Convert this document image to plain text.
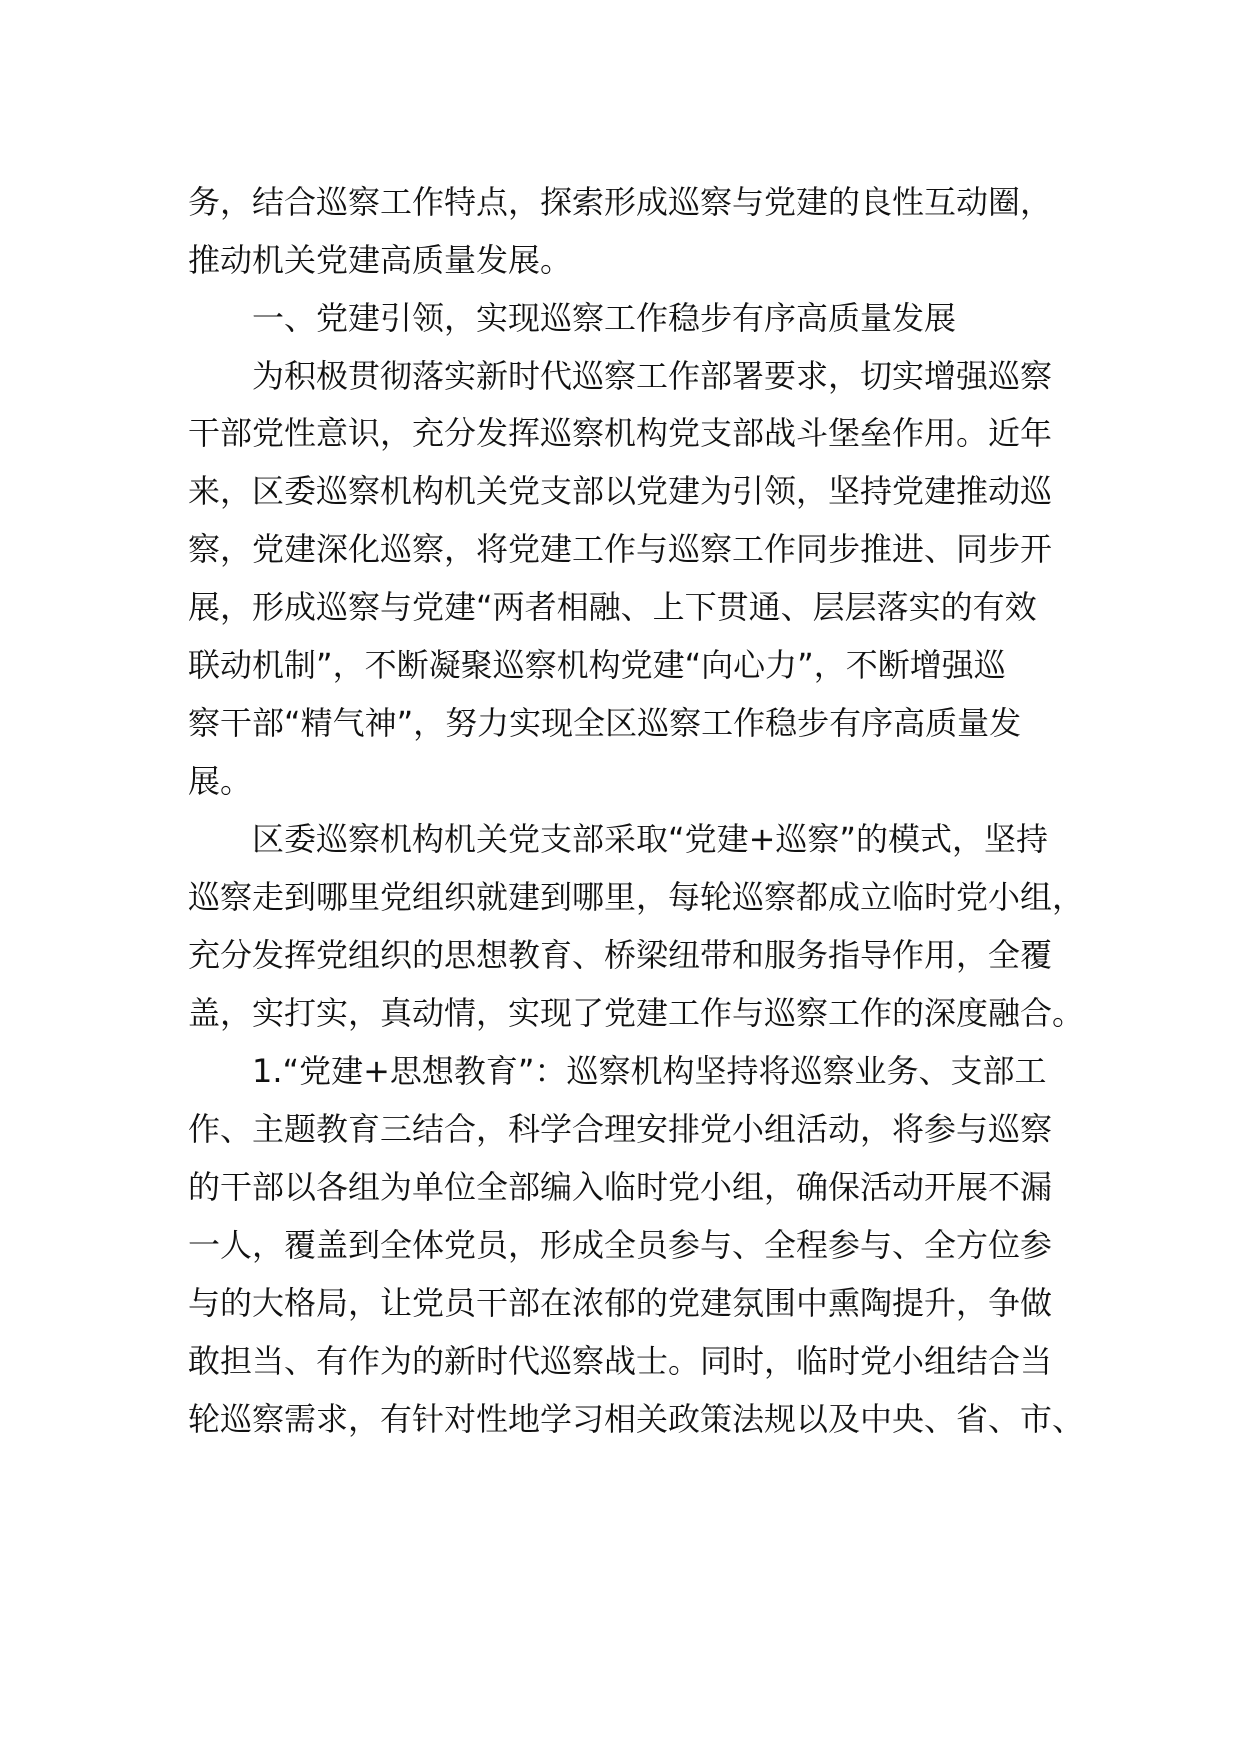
务，结合巡察工作特点，探索形成巡察与党建的良性互动圈，

推动机关党建高质量发展。

一、党建引领，实现巡察工作稳步有序高质量发展

为积极贯彻落实新时代巡察工作部署要求，切实增强巡察

干部党性意识，充分发挥巡察机构党支部战斗堡垒作用。近年

来，区委巡察机构机关党支部以党建为引领，坚持党建推动巡

察，党建深化巡察，将党建工作与巡察工作同步推进、同步开

展，形成巡察与党建“两者相融、上下贯通、层层落实的有效

联动机制”，不断凝聚巡察机构党建“向心力”，不断增强巡

察干部“精气神”，努力实现全区巡察工作稳步有序高质量发

展。

区委巡察机构机关党支部采取“党建+巡察”的模式，坚持

巡察走到哪里党组织就建到哪里，每轮巡察都成立临时党小组，

充分发挥党组织的思想教育、桥梁纽带和服务指导作用，全覆

盖，实打实，真动情，实现了党建工作与巡察工作的深度融合。

1.“党建+思想教育”：巡察机构坚持将巡察业务、支部工

作、主题教育三结合，科学合理安排党小组活动，将参与巡察

的干部以各组为单位全部编入临时党小组，确保活动开展不漏

一人，覆盖到全体党员，形成全员参与、全程参与、全方位参

与的大格局，让党员干部在浓郁的党建氛围中熏陶提升，争做

敢担当、有作为的新时代巡察战士。同时，临时党小组结合当

轮巡察需求，有针对性地学习相关政策法规以及中央、省、市、
